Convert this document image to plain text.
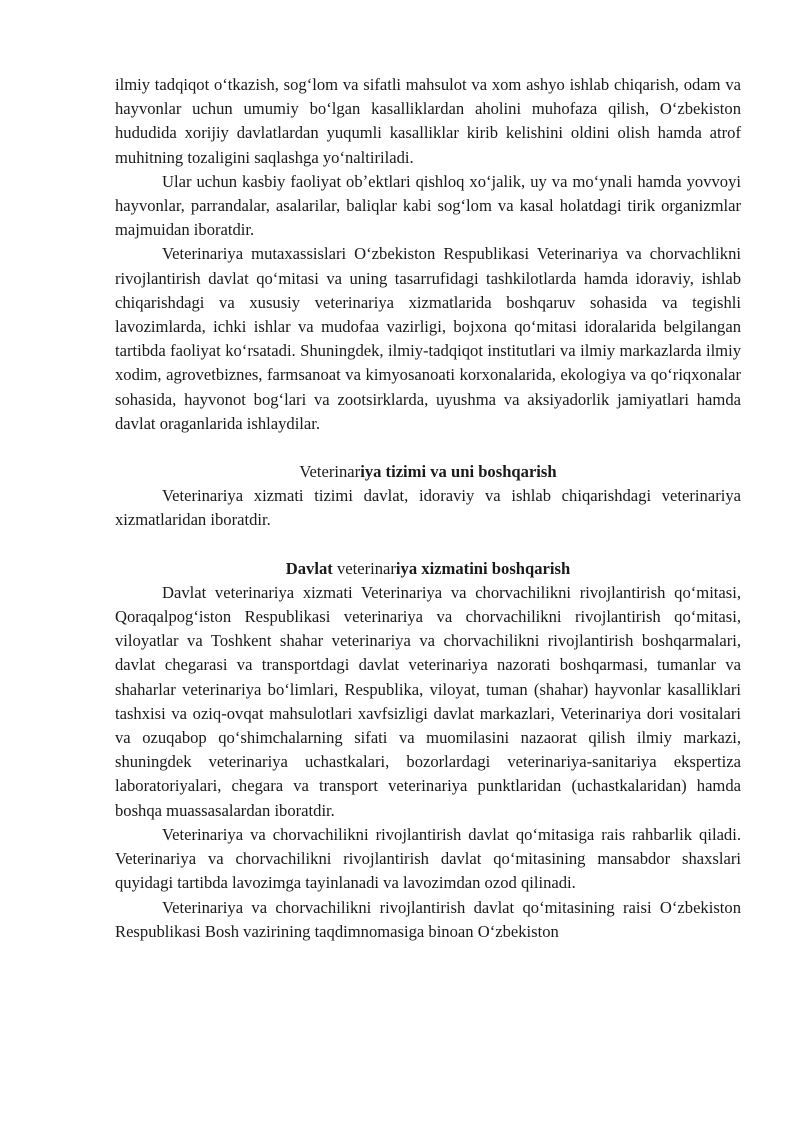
ilmiy tadqiqot oʻtkazish, sogʻlom va sifatli mahsulot va xom ashyo ishlab chiqarish, odam va hayvonlar uchun umumiy boʻlgan kasalliklardan aholini muhofaza qilish, Oʻzbekiston hududida xorijiy davlatlardan yuqumli kasalliklar kirib kelishini oldini olish hamda atrof muhitning tozaligini saqlashga yoʻnaltiriladi.

Ular uchun kasbiy faoliyat obʼektlari qishloq xoʻjalik, uy va moʻynali hamda yovvoyi hayvonlar, parrandalar, asalarilar, baliqlar kabi sogʻlom va kasal holatdagi tirik organizmlar majmuidan iboratdir.

Veterinariya mutaxassislari Oʻzbekiston Respublikasi Veterinariya va chorvachlikni rivojlantirish davlat qoʻmitasi va uning tasarrufidagi tashkilotlarda hamda idoraviy, ishlab chiqarishdagi va xususiy veterinariya xizmatlarida boshqaruv sohasida va tegishli lavozimlarda, ichki ishlar va mudofaa vazirligi, bojxona qoʻmitasi idoralarida belgilangan tartibda faoliyat koʻrsatadi. Shuningdek, ilmiy-tadqiqot institutlari va ilmiy markazlarda ilmiy xodim, agrovetbiznes, farmsanoat va kimyosanoati korxonalarida, ekologiya va qoʻriqxonalar sohasida, hayvonot bogʻlari va zootsirklarda, uyushma va aksiyadorlik jamiyatlari hamda davlat oraganlarida ishlaydilar.

Veterinariya tizimi va uni boshqarish

Veterinariya xizmati tizimi davlat, idoraviy va ishlab chiqarishdagi veterinariya xizmatlaridan iboratdir.

Davlat veterinariya xizmatini boshqarish

Davlat veterinariya xizmati Veterinariya va chorvachilikni rivojlantirish qoʻmitasi, Qoraqalpogʻiston Respublikasi veterinariya va chorvachilikni rivojlantirish qoʻmitasi, viloyatlar va Toshkent shahar veterinariya va chorvachilikni rivojlantirish boshqarmalari, davlat chegarasi va transportdagi davlat veterinariya nazorati boshqarmasi, tumanlar va shaharlar veterinariya boʻlimlari, Respublika, viloyat, tuman (shahar) hayvonlar kasalliklari tashxisi va oziq-ovqat mahsulotlari xavfsizligi davlat markazlari, Veterinariya dori vositalari va ozuqabop qoʻshimchalarning sifati va muomilasini nazaorat qilish ilmiy markazi, shuningdek veterinariya uchastkalari, bozorlardagi veterinariya-sanitariya ekspertiza laboratoriyalari, chegara va transport veterinariya punktlaridan (uchastkalaridan) hamda boshqa muassasalardan iboratdir.

Veterinariya va chorvachilikni rivojlantirish davlat qoʻmitasiga rais rahbarlik qiladi. Veterinariya va chorvachilikni rivojlantirish davlat qoʻmitasining mansabdor shaxslari quyidagi tartibda lavozimga tayinlanadi va lavozimdan ozod qilinadi.

Veterinariya va chorvachilikni rivojlantirish davlat qoʻmitasining raisi Oʻzbekiston Respublikasi Bosh vazirining taqdimnomasiga binoan Oʻzbekiston
